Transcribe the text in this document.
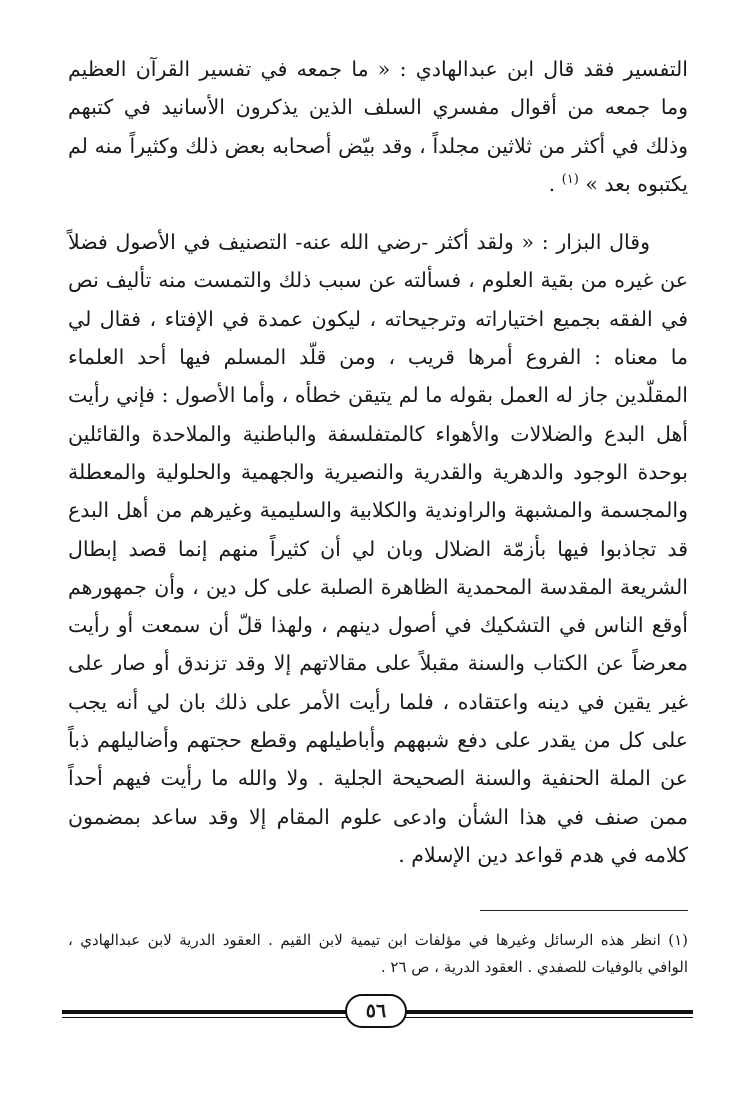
التفسير فقد قال ابن عبدالهادي : « ما جمعه في تفسير القرآن العظيم وما جمعه من أقوال مفسري السلف الذين يذكرون الأسانيد في كتبهم وذلك في أكثر من ثلاثين مجلداً ، وقد بيّض أصحابه بعض ذلك وكثيراً منه لم يكتبوه بعد » $^{(١)}$ .

وقال البزار : « ولقد أكثر -رضي الله عنه- التصنيف في الأصول فضلاً عن غيره من بقية العلوم ، فسألته عن سبب ذلك والتمست منه تأليف نص في الفقه بجميع اختياراته وترجيحاته ، ليكون عمدة في الإفتاء ، فقال لي ما معناه : الفروع أمرها قريب ، ومن قلّد المسلم فيها أحد العلماء المقلّدين جاز له العمل بقوله ما لم يتيقن خطأه ، وأما الأصول : فإني رأيت أهل البدع والضلالات والأهواء كالمتفلسفة والباطنية والملاحدة والقائلين بوحدة الوجود والدهرية والقدرية والنصيرية والجهمية والحلولية والمعطلة والمجسمة والمشبهة والراوندية والكلابية والسليمية وغيرهم من أهل البدع قد تجاذبوا فيها بأزمّة الضلال وبان لي أن كثيراً منهم إنما قصد إبطال الشريعة المقدسة المحمدية الظاهرة الصلبة على كل دين ، وأن جمهورهم أوقع الناس في التشكيك في أصول دينهم ، ولهذا قلّ أن سمعت أو رأيت معرضاً عن الكتاب والسنة مقبلاً على مقالاتهم إلا وقد تزندق أو صار على غير يقين في دينه واعتقاده ، فلما رأيت الأمر على ذلك بان لي أنه يجب على كل من يقدر على دفع شبههم وأباطيلهم وقطع حجتهم وأضاليلهم ذباً عن الملة الحنفية والسنة الصحيحة الجلية . ولا والله ما رأيت فيهم أحداً ممن صنف في هذا الشأن وادعى علوم المقام إلا وقد ساعد بمضمون كلامه في هدم قواعد دين الإسلام .

(١) انظر هذه الرسائل وغيرها في مؤلفات ابن تيمية لابن القيم . العقود الدرية لابن عبدالهادي ، الوافي بالوفيات للصفدي . العقود الدرية ، ص ٢٦ .

٥٦
